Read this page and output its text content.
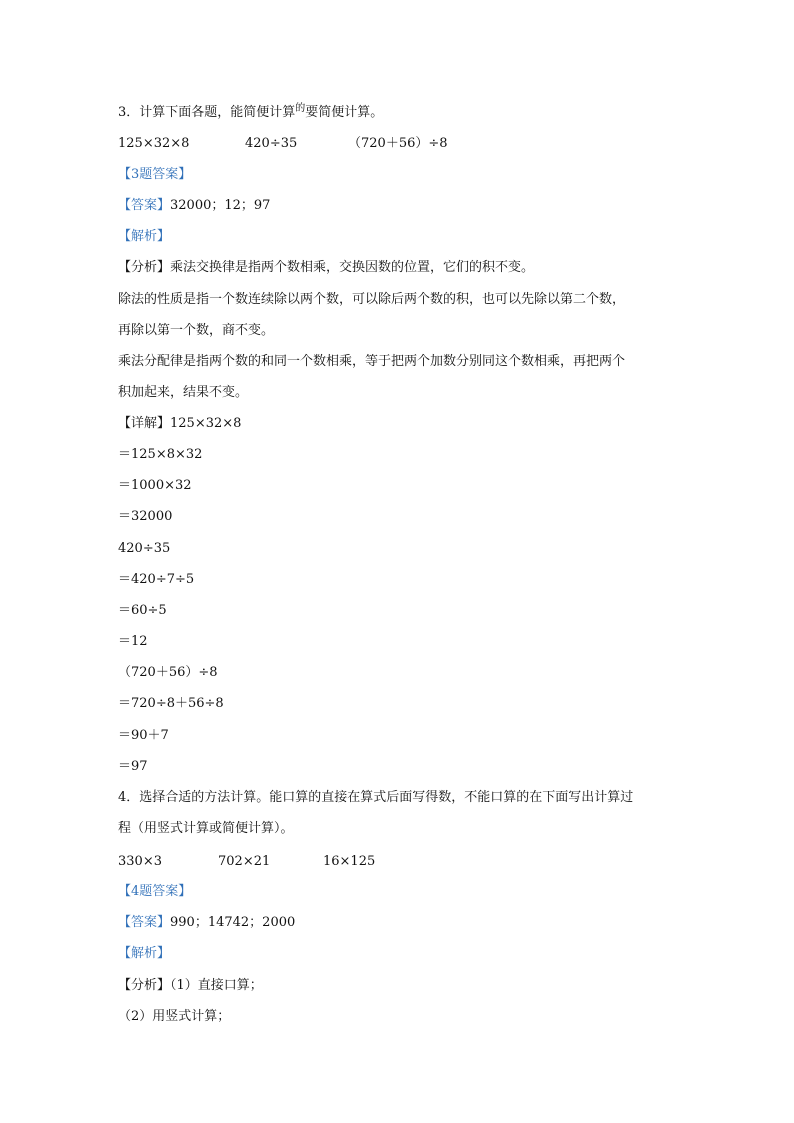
3．计算下面各题，能简便计算$^的$要简便计算。
125×32×8	420÷35	（720＋56）÷8
【3题答案】
【答案】32000；12；97
【解析】
【分析】乘法交换律是指两个数相乘，交换因数的位置，它们的积不变。
除法的性质是指一个数连续除以两个数，可以除后两个数的积，也可以先除以第二个数，
再除以第一个数，商不变。
乘法分配律是指两个数的和同一个数相乘，等于把两个加数分别同这个数相乘，再把两个
积加起来，结果不变。
【详解】125×32×8
＝125×8×32
＝1000×32
＝32000
420÷35
＝420÷7÷5
＝60÷5
＝12
（720＋56）÷8
＝720÷8＋56÷8
＝90＋7
＝97
4．选择合适的方法计算。能口算的直接在算式后面写得数，不能口算的在下面写出计算过
程（用竖式计算或简便计算）。
330×3	702×21	16×125
【4题答案】
【答案】990；14742；2000
【解析】
【分析】（1）直接口算；
（2）用竖式计算；
